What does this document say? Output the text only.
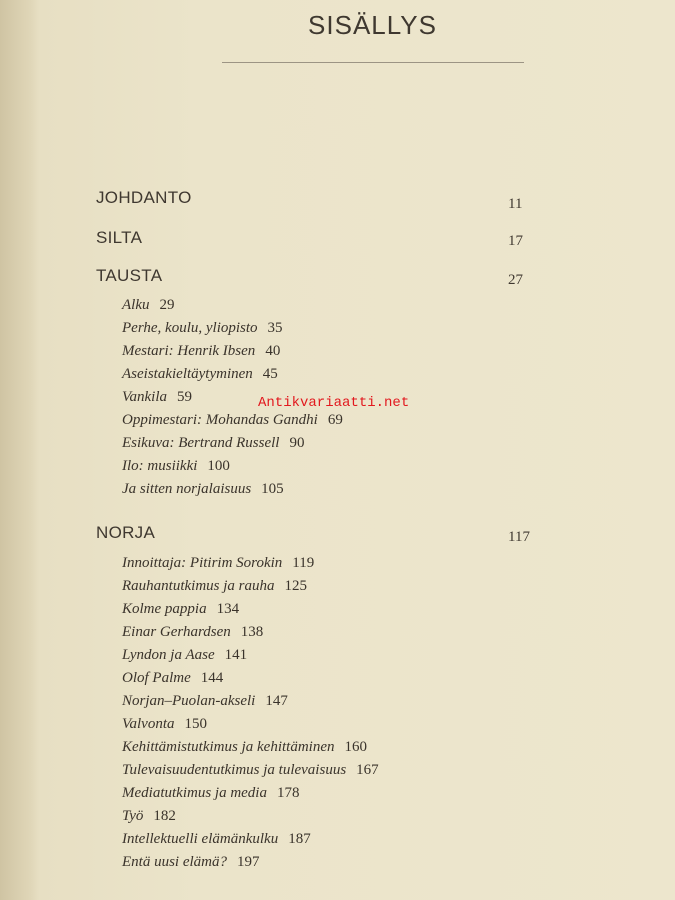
SISÄLLYS
JOHDANTO	11
SILTA	17
TAUSTA	27
Alku 29
Perhe, koulu, yliopisto 35
Mestari: Henrik Ibsen 40
Aseistakieltäytyminen 45
Vankila 59
Oppimestari: Mohandas Gandhi 69
Esikuva: Bertrand Russell 90
Ilo: musiikki 100
Ja sitten norjalaisuus 105
NORJA	117
Innoittaja: Pitirim Sorokin 119
Rauhantutkimus ja rauha 125
Kolme pappia 134
Einar Gerhardsen 138
Lyndon ja Aase 141
Olof Palme 144
Norjan–Puolan-akseli 147
Valvonta 150
Kehittämistutkimus ja kehittäminen 160
Tulevaisuudentutkimus ja tulevaisuus 167
Mediatutkimus ja media 178
Työ 182
Intellektuelli elämänkulku 187
Entä uusi elämä? 197
Antikvariaatti.net
